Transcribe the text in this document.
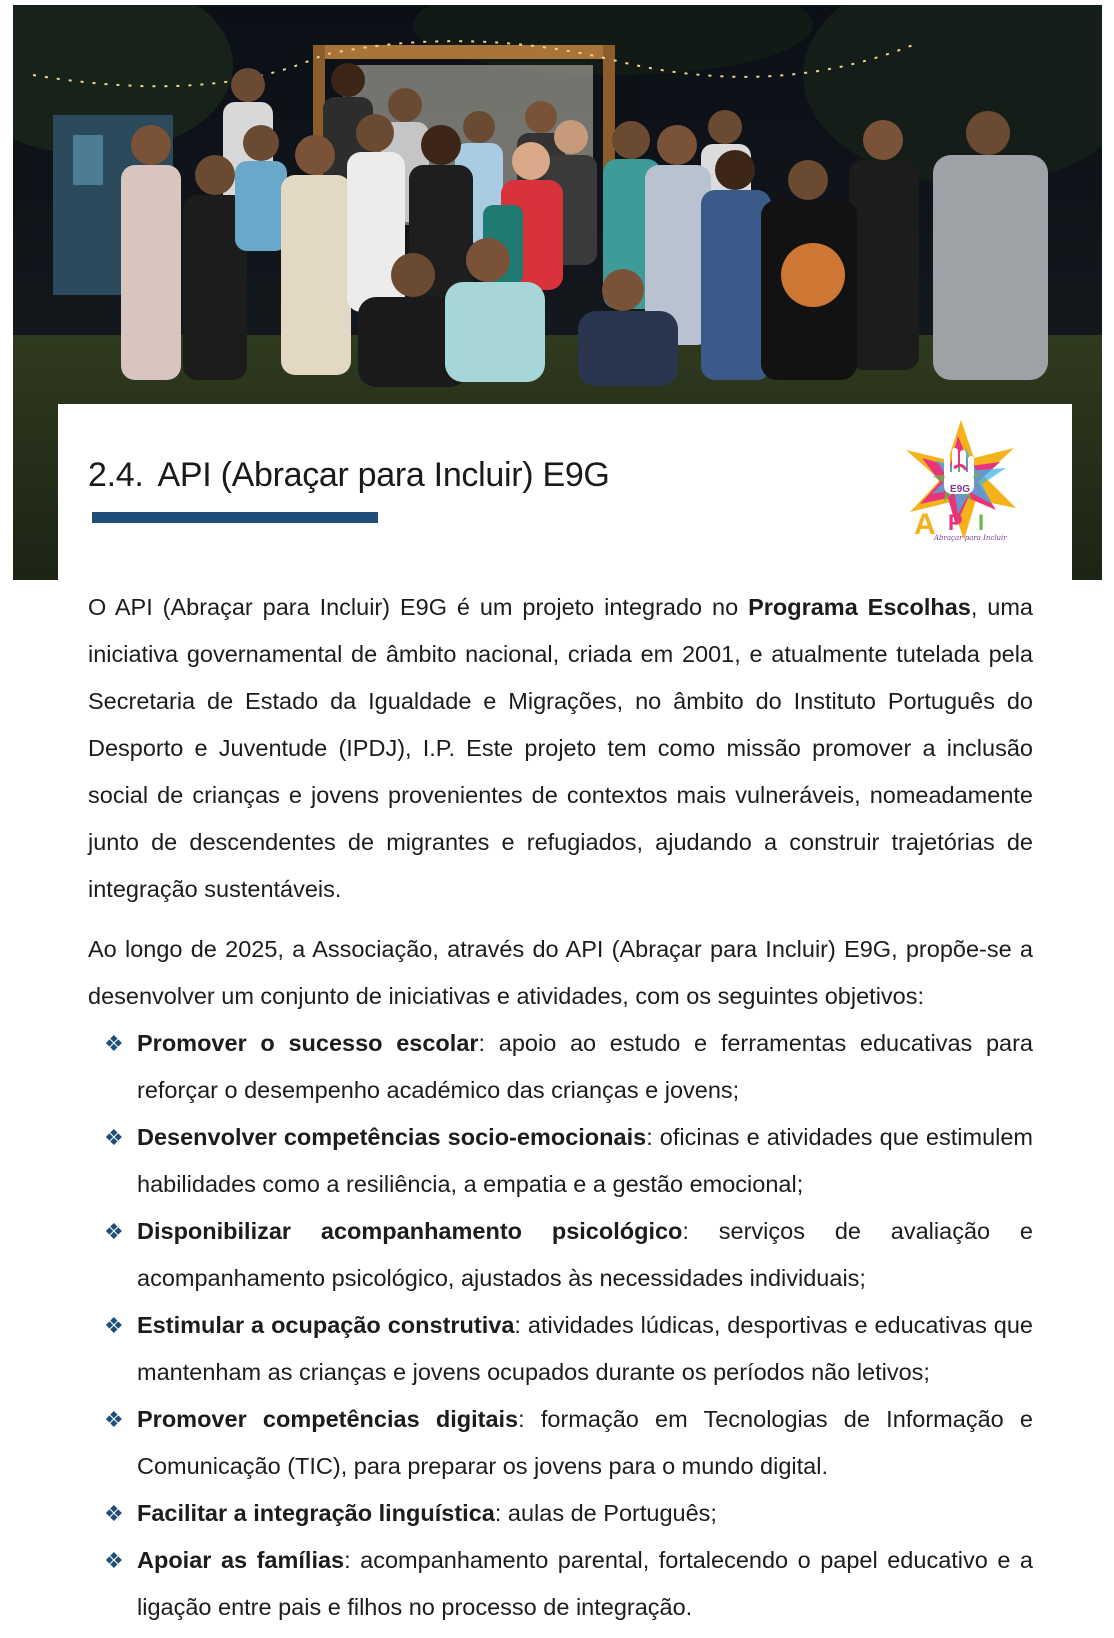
2.4. API (Abraçar para Incluir) E9G	E9G
A P I
Abraçar para Incluir

O API (Abraçar para Incluir) E9G é um projeto integrado no Programa Escolhas, uma iniciativa governamental de âmbito nacional, criada em 2001, e atualmente tutelada pela Secretaria de Estado da Igualdade e Migrações, no âmbito do Instituto Português do Desporto e Juventude (IPDJ), I.P. Este projeto tem como missão promover a inclusão social de crianças e jovens provenientes de contextos mais vulneráveis, nomeadamente junto de descendentes de migrantes e refugiados, ajudando a construir trajetórias de integração sustentáveis.

Ao longo de 2025, a Associação, através do API (Abraçar para Incluir) E9G, propõe-se a desenvolver um conjunto de iniciativas e atividades, com os seguintes objetivos:

❖ Promover o sucesso escolar: apoio ao estudo e ferramentas educativas para reforçar o desempenho académico das crianças e jovens;
❖ Desenvolver competências socio-emocionais: oficinas e atividades que estimulem habilidades como a resiliência, a empatia e a gestão emocional;
❖ Disponibilizar acompanhamento psicológico: serviços de avaliação e acompanhamento psicológico, ajustados às necessidades individuais;
❖ Estimular a ocupação construtiva: atividades lúdicas, desportivas e educativas que mantenham as crianças e jovens ocupados durante os períodos não letivos;
❖ Promover competências digitais: formação em Tecnologias de Informação e Comunicação (TIC), para preparar os jovens para o mundo digital.
❖ Facilitar a integração linguística: aulas de Português;
❖ Apoiar as famílias: acompanhamento parental, fortalecendo o papel educativo e a ligação entre pais e filhos no processo de integração.
